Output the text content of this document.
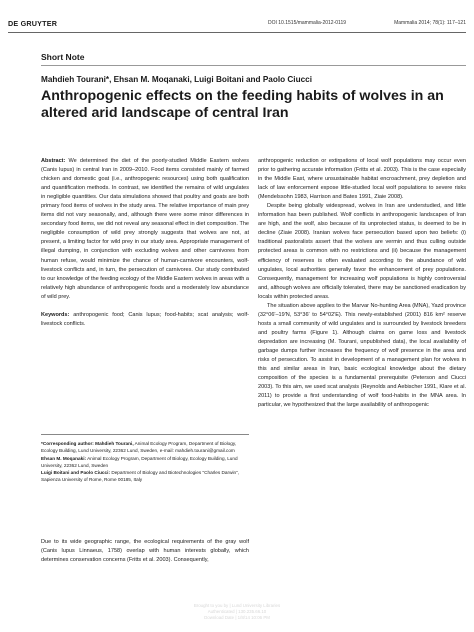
DE GRUYTER	DOI 10.1515/mammalia-2012-0119	Mammalia 2014; 78(1): 117–121
Short Note
Mahdieh Tourani*, Ehsan M. Moqanaki, Luigi Boitani and Paolo Ciucci
Anthropogenic effects on the feeding habits of wolves in an altered arid landscape of central Iran

Abstract: We determined the diet of the poorly-studied Middle Eastern wolves (Canis lupus) in central Iran in 2009–2010. Food items consisted mainly of farmed chicken and domestic goat (i.e., anthropogenic resources) using both qualification and quantification methods. In contrast, we identified the remains of wild ungulates in negligible quantities. Our data simulations showed that poultry and goats are both primary food items of wolves in the study area. The relative importance of main prey items did not vary seasonally, and, although there were some minor differences in secondary food items, we did not reveal any seasonal effect in diet composition. The negligible consumption of wild prey strongly suggests that wolves are not, at present, a limiting factor for wild prey in our study area. Appropriate management of illegal dumping, in conjunction with excluding wolves and other carnivores from human refuse, would minimize the chance of human-carnivore encounters, wolf-livestock conflicts and, in turn, the persecution of carnivores. Our study contributed to our knowledge of the feeding ecology of the Middle Eastern wolves in areas with a relatively high abundance of anthropogenic foods and a moderately low abundance of wild prey.

Keywords: anthropogenic food; Canis lupus; food-habits; scat analysis; wolf-livestock conflicts.

*Corresponding author: Mahdieh Tourani, Animal Ecology Program, Department of Biology, Ecology Building, Lund University, 22362 Lund, Sweden, e-mail: mahdieh.tourani@gmail.com

Ehsan M. Moqanaki: Animal Ecology Program, Department of Biology, Ecology Building, Lund University, 22362 Lund, Sweden

Luigi Boitani and Paolo Ciucci: Department of Biology and Biotechnologies “Charles Darwin”, Sapienza University of Rome, Rome 00185, Italy

Due to its wide geographic range, the ecological requirements of the gray wolf (Canis lupus Linnaeus, 1758) overlap with human interests globally, which determines conservation concerns (Fritts et al. 2003). Consequently,

anthropogenic reduction or extirpations of local wolf populations may occur even prior to gathering accurate information (Fritts et al. 2003). This is the case especially in the Middle East, where unsustainable habitat encroachment, prey depletion and lack of law enforcement expose little-studied local wolf populations to severe risks (Mendelssohn 1983, Harrison and Bates 1991, Ziaie 2008).

Despite being globally widespread, wolves in Iran are understudied, and little information has been published. Wolf conflicts in anthropogenic landscapes of Iran are high, and the wolf, also because of its unprotected status, is deemed to be in decline (Ziaie 2008). Iranian wolves face persecution based upon two beliefs: (i) traditional pastoralists assert that the wolves are vermin and thus culling outside protected areas is common with no restrictions and (ii) because the management efficiency of reserves is often evaluated according to the abundance of wild ungulates, local authorities generally favor the enhancement of prey populations. Consequently, management for increasing wolf populations is highly controversial and, although wolves are officially tolerated, there may be sanctioned eradication by locals within protected areas.

The situation above applies to the Marvar No-hunting Area (MNA), Yazd province (32°06′–19′N, 53°36′ to 54°02′E). This newly-established (2001) 816 km² reserve hosts a small community of wild ungulates and is surrounded by livestock breeders and poultry farms (Figure 1). Although claims on game loss and livestock depredation are increasing (M. Tourani, unpublished data), the local availability of garbage dumps further increases the frequency of wolf presence in the area and risks of persecution. To assist in development of a management plan for wolves in this and similar areas in Iran, basic ecological knowledge about the dietary composition of the species is a fundamental prerequisite (Peterson and Ciucci 2003). To this aim, we used scat analysis (Reynolds and Aebischer 1991, Klare et al. 2011) to provide a first understanding of wolf food-habits in the MNA area. In particular, we hypothesized that the large availability of anthropogenic

Brought to you by | Lund University Libraries
Authenticated | 130.235.66.10
Download Date | 1/8/14 10:06 PM
